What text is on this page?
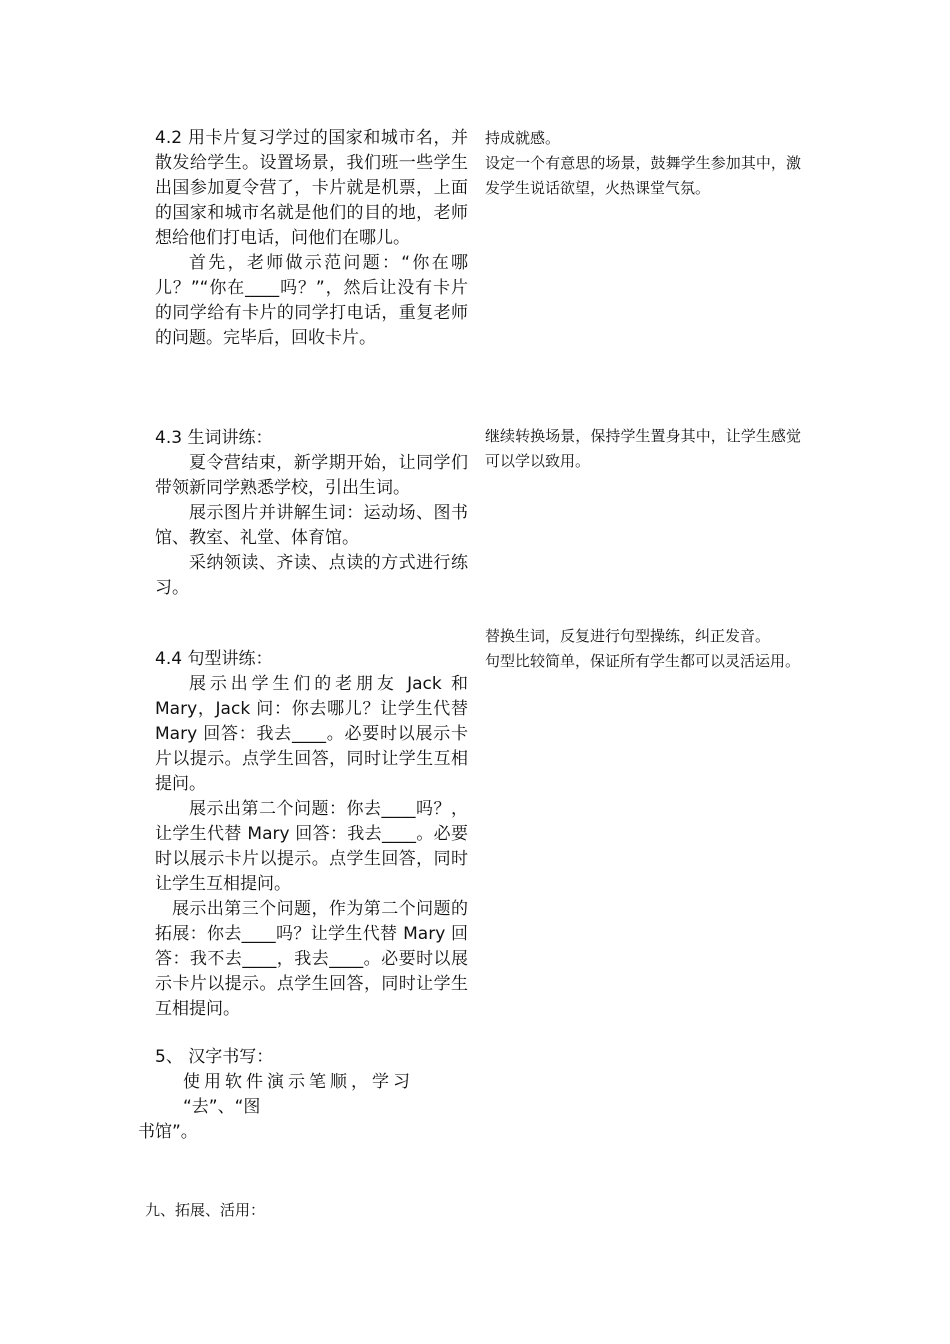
4.2 用卡片复习学过的国家和城市名，并散发给学生。设置场景，我们班一些学生出国参加夏令营了，卡片就是机票，上面的国家和城市名就是他们的目的地，老师想给他们打电话，问他们在哪儿。

首先，老师做示范问题：“你在哪儿？”“你在____吗？”，然后让没有卡片的同学给有卡片的同学打电话，重复老师的问题。完毕后，回收卡片。

4.3 生词讲练：

夏令营结束，新学期开始，让同学们带领新同学熟悉学校，引出生词。

展示图片并讲解生词：运动场、图书馆、教室、礼堂、体育馆。

采纳领读、齐读、点读的方式进行练习。

4.4 句型讲练：

展示出学生们的老朋友 Jack 和 Mary，Jack 问：你去哪儿？让学生代替 Mary 回答：我去____。必要时以展示卡片以提示。点学生回答，同时让学生互相提问。

展示出第二个问题：你去____吗？，让学生代替 Mary 回答：我去____。必要时以展示卡片以提示。点学生回答，同时让学生互相提问。

展示出第三个问题，作为第二个问题的拓展：你去____吗？让学生代替 Mary 回答：我不去____，我去____。必要时以展示卡片以提示。点学生回答，同时让学生互相提问。

5、 汉字书写：

使用软件演示笔顺，学习

“去”、“图

书馆”。

持成就感。

设定一个有意思的场景，鼓舞学生参加其中，激发学生说话欲望，火热课堂气氛。

继续转换场景，保持学生置身其中，让学生感觉可以学以致用。

替换生词，反复进行句型操练，纠正发音。

句型比较简单，保证所有学生都可以灵活运用。

九、拓展、活用：
